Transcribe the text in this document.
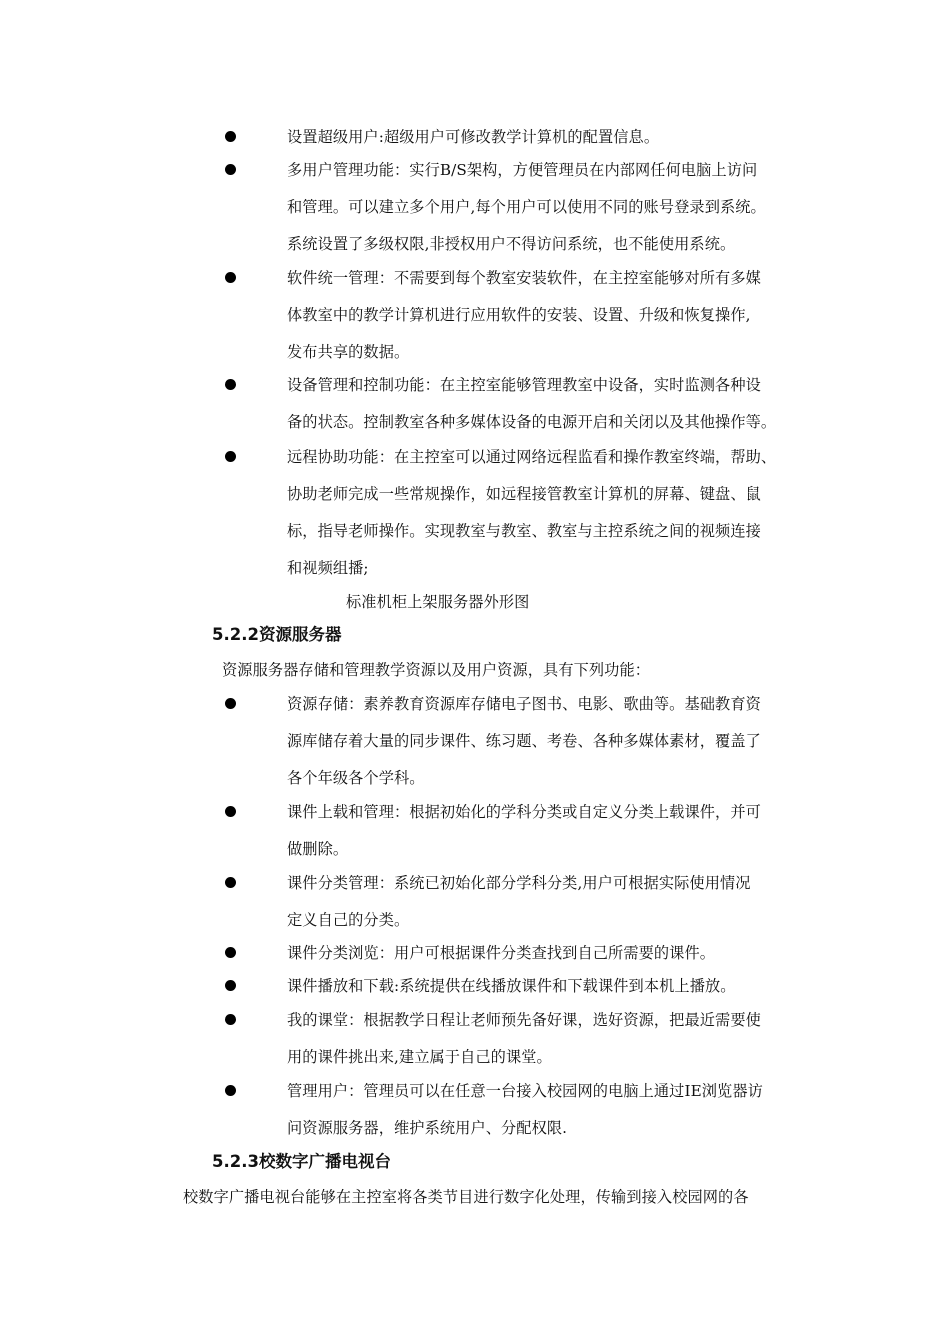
设置超级用户:超级用户可修改教学计算机的配置信息。
多用户管理功能：实行B/S架构，方便管理员在内部网任何电脑上访问
和管理。可以建立多个用户,每个用户可以使用不同的账号登录到系统。
系统设置了多级权限,非授权用户不得访问系统，也不能使用系统。
软件统一管理：不需要到每个教室安装软件，在主控室能够对所有多媒
体教室中的教学计算机进行应用软件的安装、设置、升级和恢复操作,
发布共享的数据。
设备管理和控制功能：在主控室能够管理教室中设备，实时监测各种设
备的状态。控制教室各种多媒体设备的电源开启和关闭以及其他操作等。
远程协助功能：在主控室可以通过网络远程监看和操作教室终端，帮助、
协助老师完成一些常规操作，如远程接管教室计算机的屏幕、键盘、鼠
标，指导老师操作。实现教室与教室、教室与主控系统之间的视频连接
和视频组播;
标准机柜上架服务器外形图
5.2.2资源服务器
资源服务器存储和管理教学资源以及用户资源，具有下列功能：
资源存储：素养教育资源库存储电子图书、电影、歌曲等。基础教育资
源库储存着大量的同步课件、练习题、考卷、各种多媒体素材，覆盖了
各个年级各个学科。
课件上载和管理：根据初始化的学科分类或自定义分类上载课件，并可
做删除。
课件分类管理：系统已初始化部分学科分类,用户可根据实际使用情况
定义自己的分类。
课件分类浏览：用户可根据课件分类查找到自己所需要的课件。
课件播放和下载:系统提供在线播放课件和下载课件到本机上播放。
我的课堂：根据教学日程让老师预先备好课，选好资源，把最近需要使
用的课件挑出来,建立属于自己的课堂。
管理用户：管理员可以在任意一台接入校园网的电脑上通过IE浏览器访
问资源服务器，维护系统用户、分配权限.
5.2.3校数字广播电视台
校数字广播电视台能够在主控室将各类节目进行数字化处理，传输到接入校园网的各
